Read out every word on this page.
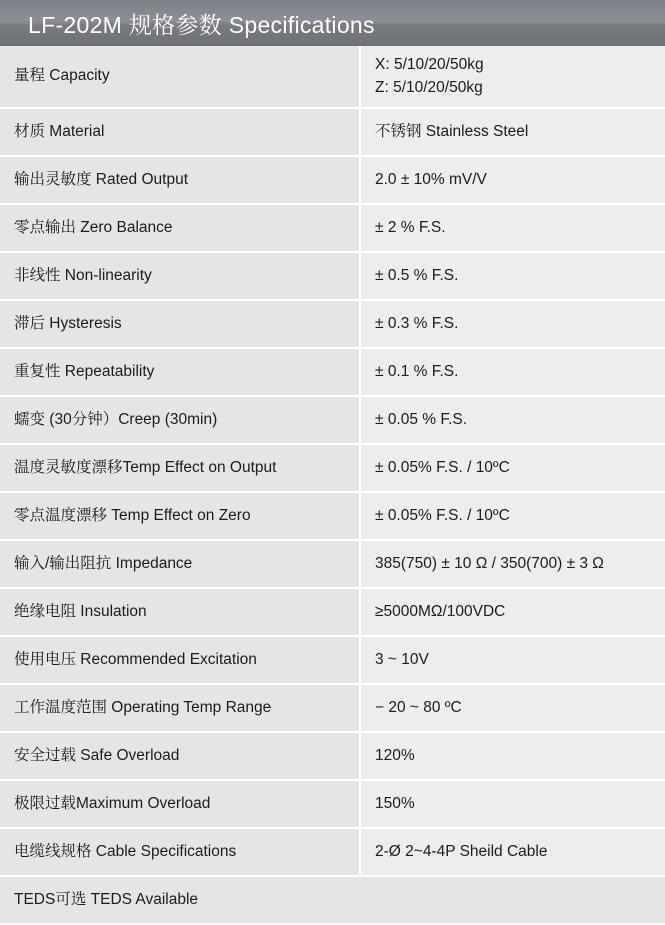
LF-202M 规格参数 Specifications
量程 Capacity	X: 5/10/20/50kg
Z: 5/10/20/50kg

材质 Material	不锈钢 Stainless Steel
输出灵敏度 Rated Output	2.0 ± 10% mV/V
零点输出 Zero Balance	± 2 % F.S.
非线性 Non-linearity	± 0.5 % F.S.
滞后 Hysteresis	± 0.3 % F.S.
重复性 Repeatability	± 0.1 % F.S.
蠕变 (30分钟）Creep (30min)	± 0.05 % F.S.
温度灵敏度漂移Temp Effect on Output	± 0.05% F.S. / 10ºC
零点温度漂移 Temp Effect on Zero	± 0.05% F.S. / 10ºC
输入/输出阻抗 Impedance	385(750) ± 10 Ω / 350(700) ± 3 Ω
绝缘电阻 Insulation	≥5000MΩ/100VDC
使用电压 Recommended Excitation	3 ~ 10V
工作温度范围 Operating Temp Range	− 20 ~ 80 ºC
安全过载 Safe Overload	120%
极限过载Maximum Overload	150%
电缆线规格 Cable Specifications	2-Ø 2~4-4P Sheild Cable
TEDS可选 TEDS Available	
